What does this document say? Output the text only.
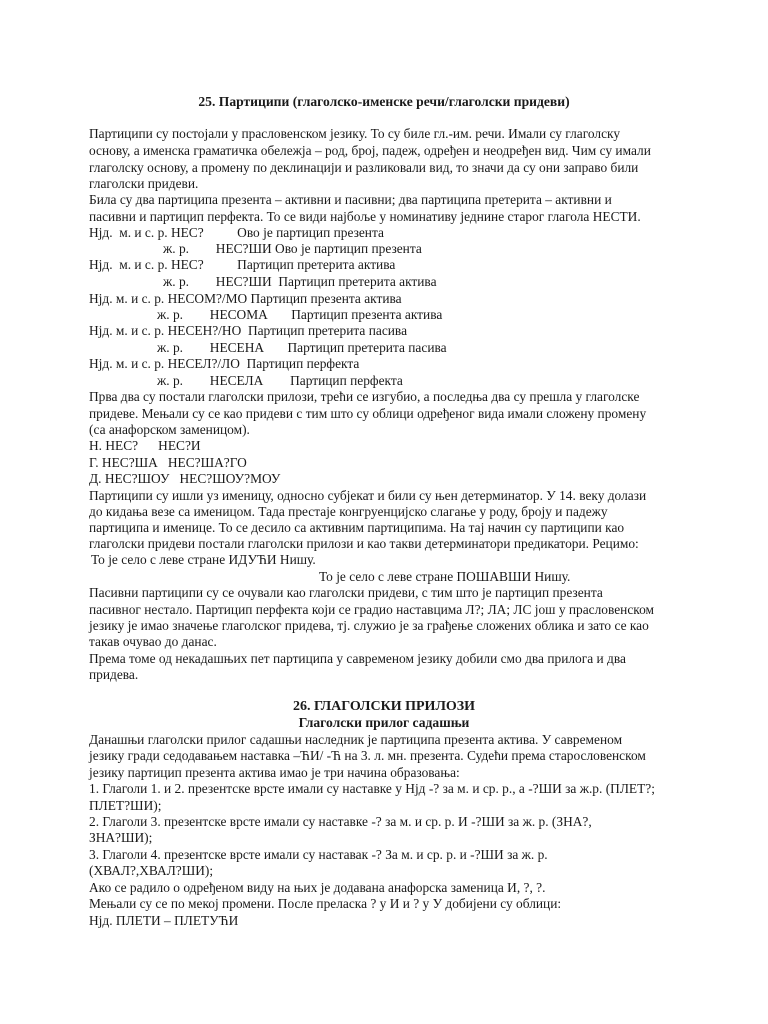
25. Партиципи (глаголско-именске речи/глаголски придеви)
Партиципи су постојали у прасловенском језику. То су биле гл.-им. речи. Имали су глаголску
основу, а именска граматичка обележја – род, број, падеж, одређен и неодређен вид. Чим су имали
глаголску основу, а промену по деклинацији и разликовали вид, то значи да су они заправо били
глаголски придеви.
Била су два партиципа презента – активни и пасивни; два партиципа претерита – активни и
пасивни и партицип перфекта. То се види најбоље у номинативу једнине старог глагола НЕСТИ.
Нјд.  м. и с. р. НЕС?          Ово је партицип презента
ж. р.        НЕС?ШИ Ово је партицип презента
Нјд.  м. и с. р. НЕС?          Партицип претерита актива
ж. р.        НЕС?ШИ  Партицип претерита актива
Нјд. м. и с. р. НЕСОМ?/МО Партицип презента актива
ж. р.        НЕСОМА       Партицип презента актива
Нјд. м. и с. р. НЕСЕН?/НО  Партицип претерита пасива
ж. р.        НЕСЕНА       Партицип претерита пасива
Нјд. м. и с. р. НЕСЕЛ?/ЛО  Партицип перфекта
ж. р.        НЕСЕЛА        Партицип перфекта
Прва два су постали глаголски прилози, трећи се изгубио, а последња два су прешла у глаголске
придеве. Мењали су се као придеви с тим што су облици одређеног вида имали сложену промену
(са анафорском заменицом).
Н. НЕС?      НЕС?И
Г. НЕС?ША   НЕС?ША?ГО
Д. НЕС?ШОУ   НЕС?ШОУ?МОУ
Партиципи су ишли уз именицу, односно субјекат и били су њен детерминатор. У 14. веку долази
до кидања везе са именицом. Тада престаје конгруенцијско слагање у роду, броју и падежу
партиципа и именице. То се десило са активним партиципима. На тај начин су партиципи као
глаголски придеви постали глаголски прилози и као такви детерминатори предикатори. Рецимо:
То је село с леве стране ИДУЋИ Нишу.
То је село с леве стране ПОШАВШИ Нишу.
Пасивни партиципи су се очували као глаголски придеви, с тим што је партицип презента
пасивног нестало. Партицип перфекта који се градио наставцима Л?; ЛА; ЛС још у прасловенском
језику је имао значење глаголског придева, тј. служио је за грађење сложених облика и зато се као
такав очувао до данас.
Према томе од некадашњих пет партиципа у савременом језику добили смо два прилога и два
придева.
26. ГЛАГОЛСКИ ПРИЛОЗИ
Глаголски прилог садашњи
Данашњи глаголски прилог садашњи наследник је партиципа презента актива. У савременом
језику гради седодавањем наставка –ЋИ/ -Ћ на 3. л. мн. презента. Судећи према старословенском
језику партицип презента актива имао је три начина образовања:
1. Глаголи 1. и 2. презентске врсте имали су наставке у Нјд -? за м. и ср. р., а -?ШИ за ж.р. (ПЛЕТ?;
ПЛЕТ?ШИ);
2. Глаголи 3. презентске врсте имали су наставке -? за м. и ср. р. И -?ШИ за ж. р. (ЗНА?,
ЗНА?ШИ);
3. Глаголи 4. презентске врсте имали су наставак -? За м. и ср. р. и -?ШИ за ж. р.
(ХВАЛ?,ХВАЛ?ШИ);
Ако се радило о одређеном виду на њих је додавана анафорска заменица И, ?, ?.
Мењали су се по мекој промени. После преласка ? у И и ? у У добијени су облици:
Нјд. ПЛЕТИ – ПЛЕТУЋИ
